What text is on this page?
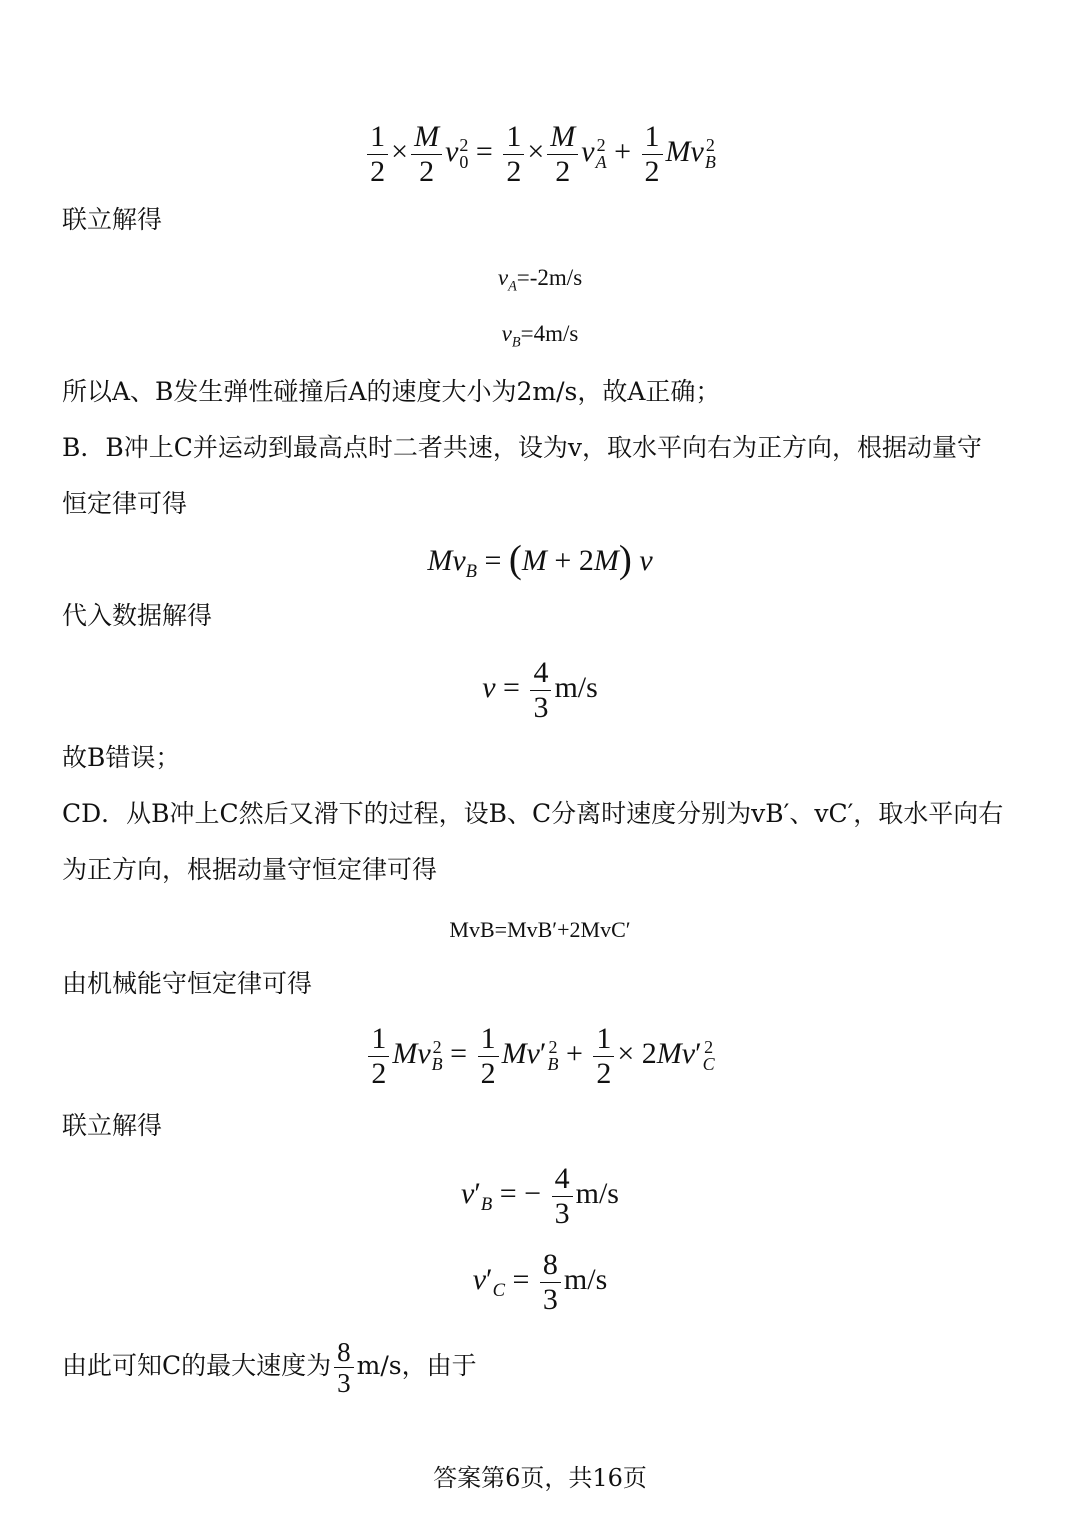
$\frac{1}{2} \times \frac{M}{2}$ v 2
$0 = \frac{1}{2} \times \frac{M}{2}$ v 2
$A + \frac{1}{2}$ Mv 2
B
联立解得
$v_A=-2m/s$
$v_B=4m/s$
所以A、B发生弹性碰撞后A的速度大小为2m/s，故A正确；
B．B冲上C并运动到最高点时二者共速，设为v，取水平向右为正方向，根据动量守
恒定律可得
$Mv_B = (M + 2M)$ v
代入数据解得
$v = \frac{4}{3} m/s$
故B错误；
CD．从B冲上C然后又滑下的过程，设B、C分离时速度分别为vB′、vC′，取水平向右
为正方向，根据动量守恒定律可得
MvB=MvB′+2MvC′
由机械能守恒定律可得
$\frac{1}{2}$ Mv 2
$B = \frac{1}{2} Mv'$ 2
$B + \frac{1}{2} \times 2Mv'$ 2
C
联立解得
$v'_B$ = − $\frac{4}{3} m/s$
$v'_C = \frac{8}{3} m/s$
由此可知C的最大速度为 $\frac{8}{3} m/s$，由于
答案第6页，共16页
